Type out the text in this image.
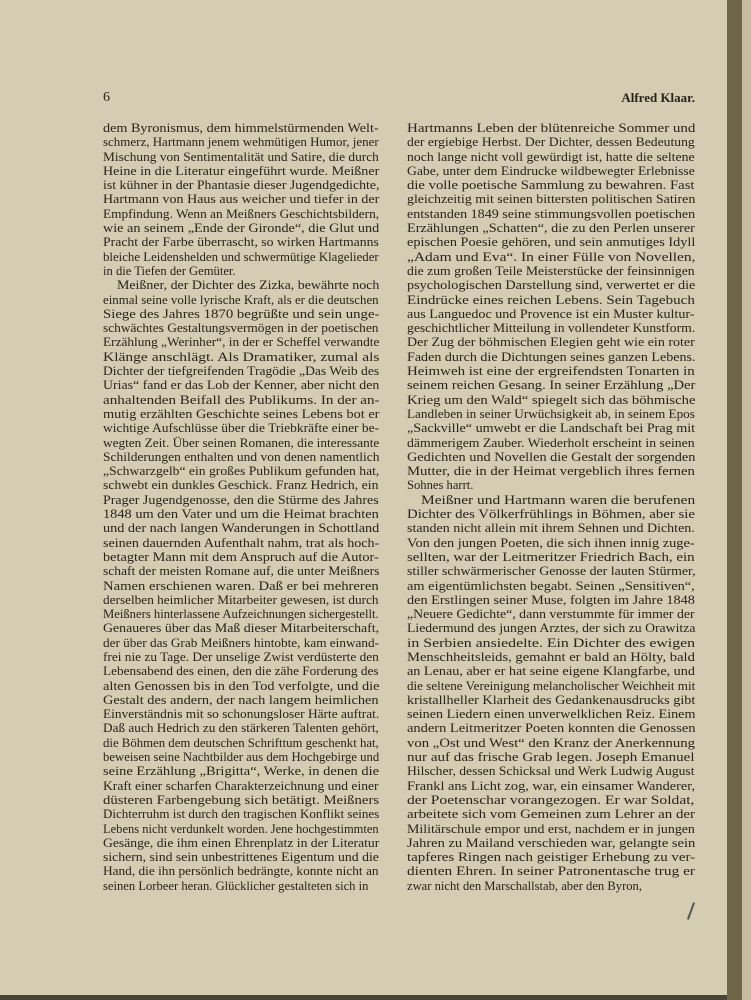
6	Alfred Klaar.
dem Byronismus, dem himmelstürmenden Welt-
schmerz, Hartmann jenem wehmütigen Humor, jener
Mischung von Sentimentalität und Satire, die durch
Heine in die Literatur eingeführt wurde. Meißner
ist kühner in der Phantasie dieser Jugendgedichte,
Hartmann von Haus aus weicher und tiefer in der
Empfindung. Wenn an Meißners Geschichtsbildern,
wie an seinem „Ende der Gironde“, die Glut und
Pracht der Farbe überrascht, so wirken Hartmanns
bleiche Leidenshelden und schwermütige Klagelieder
in die Tiefen der Gemüter.
Meißner, der Dichter des Zizka, bewährte noch
einmal seine volle lyrische Kraft, als er die deutschen
Siege des Jahres 1870 begrüßte und sein unge-
schwächtes Gestaltungsvermögen in der poetischen
Erzählung „Werinher“, in der er Scheffel verwandte
Klänge anschlägt. Als Dramatiker, zumal als
Dichter der tiefgreifenden Tragödie „Das Weib des
Urias“ fand er das Lob der Kenner, aber nicht den
anhaltenden Beifall des Publikums. In der an-
mutig erzählten Geschichte seines Lebens bot er
wichtige Aufschlüsse über die Triebkräfte einer be-
wegten Zeit. Über seinen Romanen, die interessante
Schilderungen enthalten und von denen namentlich
„Schwarzgelb“ ein großes Publikum gefunden hat,
schwebt ein dunkles Geschick. Franz Hedrich, ein
Prager Jugendgenosse, den die Stürme des Jahres
1848 um den Vater und um die Heimat brachten
und der nach langen Wanderungen in Schottland
seinen dauernden Aufenthalt nahm, trat als hoch-
betagter Mann mit dem Anspruch auf die Autor-
schaft der meisten Romane auf, die unter Meißners
Namen erschienen waren. Daß er bei mehreren
derselben heimlicher Mitarbeiter gewesen, ist durch
Meißners hinterlassene Aufzeichnungen sichergestellt.
Genaueres über das Maß dieser Mitarbeiterschaft,
der über das Grab Meißners hintobte, kam einwand-
frei nie zu Tage. Der unselige Zwist verdüsterte den
Lebensabend des einen, den die zähe Forderung des
alten Genossen bis in den Tod verfolgte, und die
Gestalt des andern, der nach langem heimlichen
Einverständnis mit so schonungsloser Härte auftrat.
Daß auch Hedrich zu den stärkeren Talenten gehört,
die Böhmen dem deutschen Schrifttum geschenkt hat,
beweisen seine Nachtbilder aus dem Hochgebirge und
seine Erzählung „Brigitta“, Werke, in denen die
Kraft einer scharfen Charakterzeichnung und einer
düsteren Farbengebung sich betätigt. Meißners
Dichterruhm ist durch den tragischen Konflikt seines
Lebens nicht verdunkelt worden. Jene hochgestimmten
Gesänge, die ihm einen Ehrenplatz in der Literatur
sichern, sind sein unbestrittenes Eigentum und die
Hand, die ihn persönlich bedrängte, konnte nicht an
seinen Lorbeer heran. Glücklicher gestalteten sich in
Hartmanns Leben der blütenreiche Sommer und
der ergiebige Herbst. Der Dichter, dessen Bedeutung
noch lange nicht voll gewürdigt ist, hatte die seltene
Gabe, unter dem Eindrucke wildbewegter Erlebnisse
die volle poetische Sammlung zu bewahren. Fast
gleichzeitig mit seinen bittersten politischen Satiren
entstanden 1849 seine stimmungsvollen poetischen
Erzählungen „Schatten“, die zu den Perlen unserer
epischen Poesie gehören, und sein anmutiges Idyll
„Adam und Eva“. In einer Fülle von Novellen,
die zum großen Teile Meisterstücke der feinsinnigen
psychologischen Darstellung sind, verwertet er die
Eindrücke eines reichen Lebens. Sein Tagebuch
aus Languedoc und Provence ist ein Muster kultur-
geschichtlicher Mitteilung in vollendeter Kunstform.
Der Zug der böhmischen Elegien geht wie ein roter
Faden durch die Dichtungen seines ganzen Lebens.
Heimweh ist eine der ergreifendsten Tonarten in
seinem reichen Gesang. In seiner Erzählung „Der
Krieg um den Wald“ spiegelt sich das böhmische
Landleben in seiner Urwüchsigkeit ab, in seinem Epos
„Sackville“ umwebt er die Landschaft bei Prag mit
dämmerigem Zauber. Wiederholt erscheint in seinen
Gedichten und Novellen die Gestalt der sorgenden
Mutter, die in der Heimat vergeblich ihres fernen
Sohnes harrt.
Meißner und Hartmann waren die berufenen
Dichter des Völkerfrühlings in Böhmen, aber sie
standen nicht allein mit ihrem Sehnen und Dichten.
Von den jungen Poeten, die sich ihnen innig zuge-
sellten, war der Leitmeritzer Friedrich Bach, ein
stiller schwärmerischer Genosse der lauten Stürmer,
am eigentümlichsten begabt. Seinen „Sensitiven“,
den Erstlingen seiner Muse, folgten im Jahre 1848
„Neuere Gedichte“, dann verstummte für immer der
Liedermund des jungen Arztes, der sich zu Orawitza
in Serbien ansiedelte. Ein Dichter des ewigen
Menschheitsleids, gemahnt er bald an Hölty, bald
an Lenau, aber er hat seine eigene Klangfarbe, und
die seltene Vereinigung melancholischer Weichheit mit
kristallheller Klarheit des Gedankenausdrucks gibt
seinen Liedern einen unverwelklichen Reiz. Einem
andern Leitmeritzer Poeten konnten die Genossen
von „Ost und West“ den Kranz der Anerkennung
nur auf das frische Grab legen. Joseph Emanuel
Hilscher, dessen Schicksal und Werk Ludwig August
Frankl ans Licht zog, war, ein einsamer Wanderer,
der Poetenschar vorangezogen. Er war Soldat,
arbeitete sich vom Gemeinen zum Lehrer an der
Militärschule empor und erst, nachdem er in jungen
Jahren zu Mailand verschieden war, gelangte sein
tapferes Ringen nach geistiger Erhebung zu ver-
dienten Ehren. In seiner Patronentasche trug er
zwar nicht den Marschallstab, aber den Byron,
